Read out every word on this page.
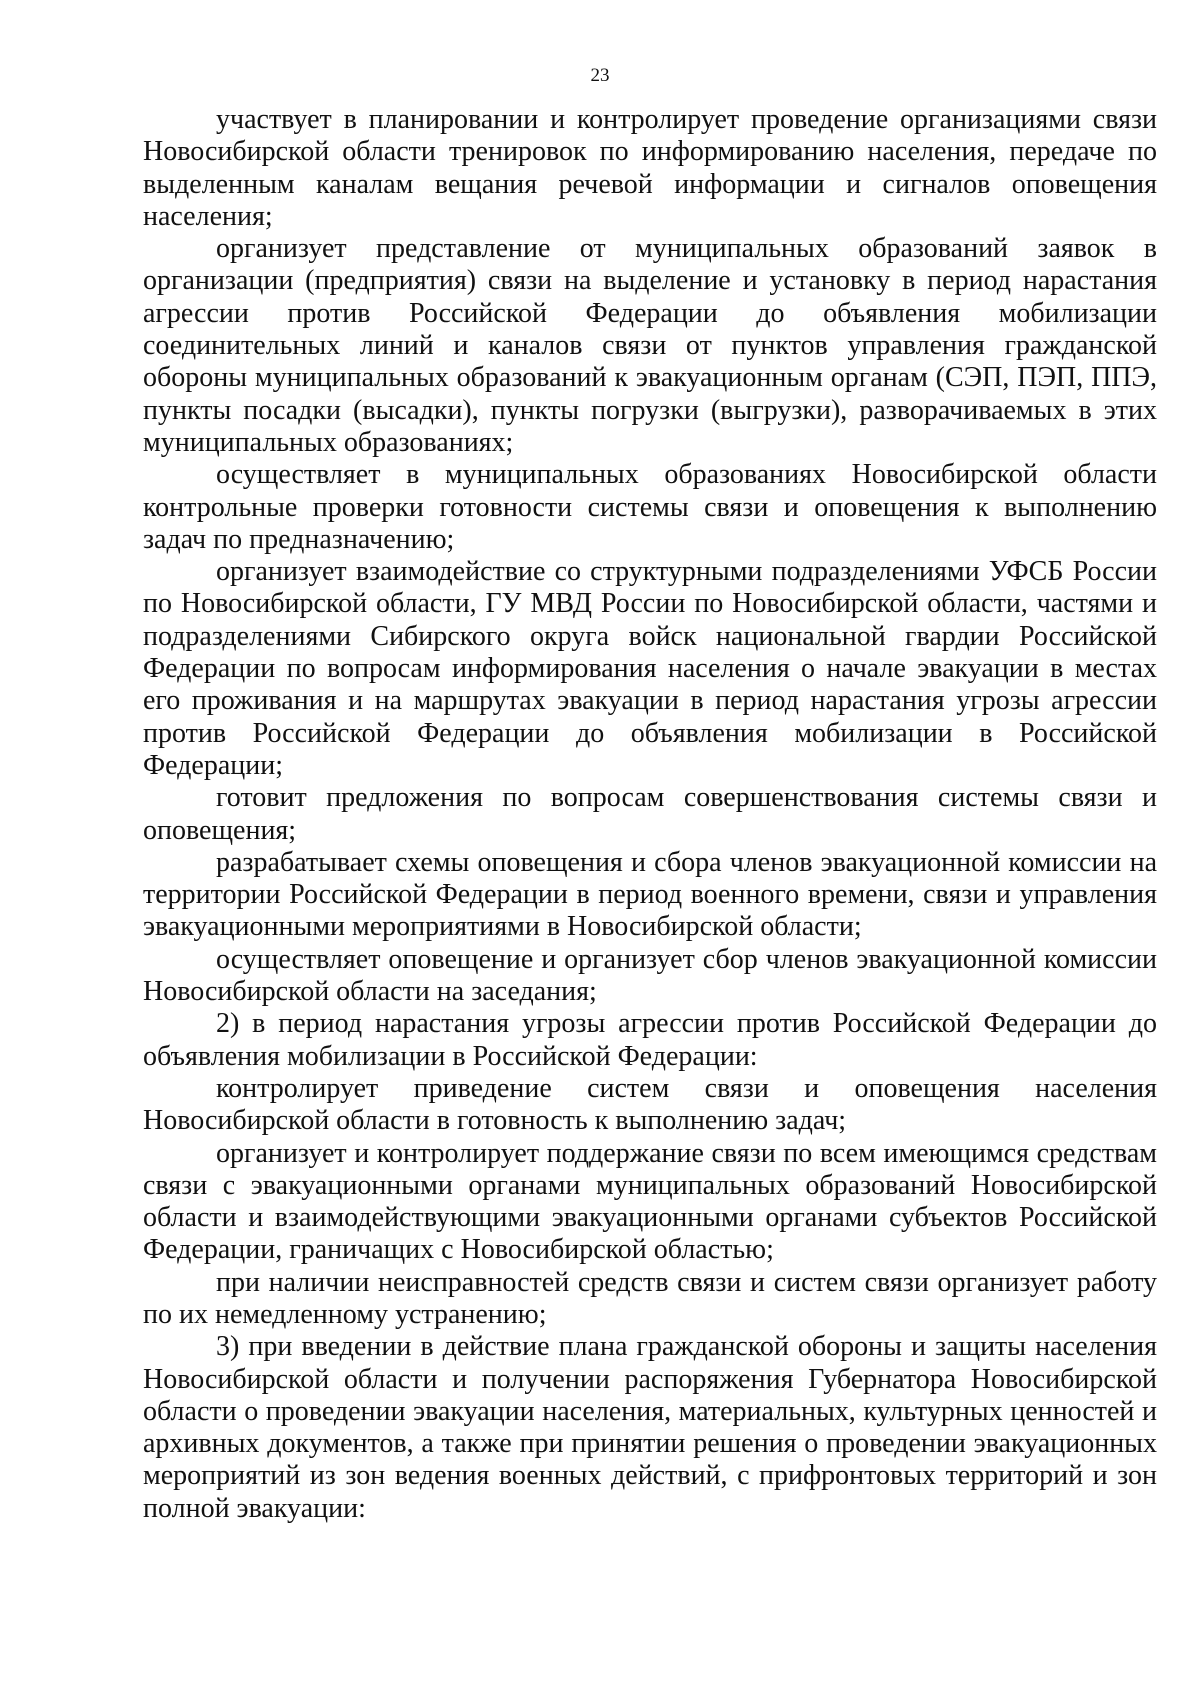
23

участвует в планировании и контролирует проведение организациями связи Новосибирской области тренировок по информированию населения, передаче по выделенным каналам вещания речевой информации и сигналов оповещения населения;

организует представление от муниципальных образований заявок в организации (предприятия) связи на выделение и установку в период нарастания агрессии против Российской Федерации до объявления мобилизации соединительных линий и каналов связи от пунктов управления гражданской обороны муниципальных образований к эвакуационным органам (СЭП, ПЭП, ППЭ, пункты посадки (высадки), пункты погрузки (выгрузки), разворачиваемых в этих муниципальных образованиях;

осуществляет в муниципальных образованиях Новосибирской области контрольные проверки готовности системы связи и оповещения к выполнению задач по предназначению;

организует взаимодействие со структурными подразделениями УФСБ России по Новосибирской области, ГУ МВД России по Новосибирской области, частями и подразделениями Сибирского округа войск национальной гвардии Российской Федерации по вопросам информирования населения о начале эвакуации в местах его проживания и на маршрутах эвакуации в период нарастания угрозы агрессии против Российской Федерации до объявления мобилизации в Российской Федерации;

готовит предложения по вопросам совершенствования системы связи и оповещения;

разрабатывает схемы оповещения и сбора членов эвакуационной комиссии на территории Российской Федерации в период военного времени, связи и управления эвакуационными мероприятиями в Новосибирской области;

осуществляет оповещение и организует сбор членов эвакуационной комиссии Новосибирской области на заседания;

2) в период нарастания угрозы агрессии против Российской Федерации до объявления мобилизации в Российской Федерации:

контролирует приведение систем связи и оповещения населения Новосибирской области в готовность к выполнению задач;

организует и контролирует поддержание связи по всем имеющимся средствам связи с эвакуационными органами муниципальных образований Новосибирской области и взаимодействующими эвакуационными органами субъектов Российской Федерации, граничащих с Новосибирской областью;

при наличии неисправностей средств связи и систем связи организует работу по их немедленному устранению;

3) при введении в действие плана гражданской обороны и защиты населения Новосибирской области и получении распоряжения Губернатора Новосибирской области о проведении эвакуации населения, материальных, культурных ценностей и архивных документов, а также при принятии решения о проведении эвакуационных мероприятий из зон ведения военных действий, с прифронтовых территорий и зон полной эвакуации:
